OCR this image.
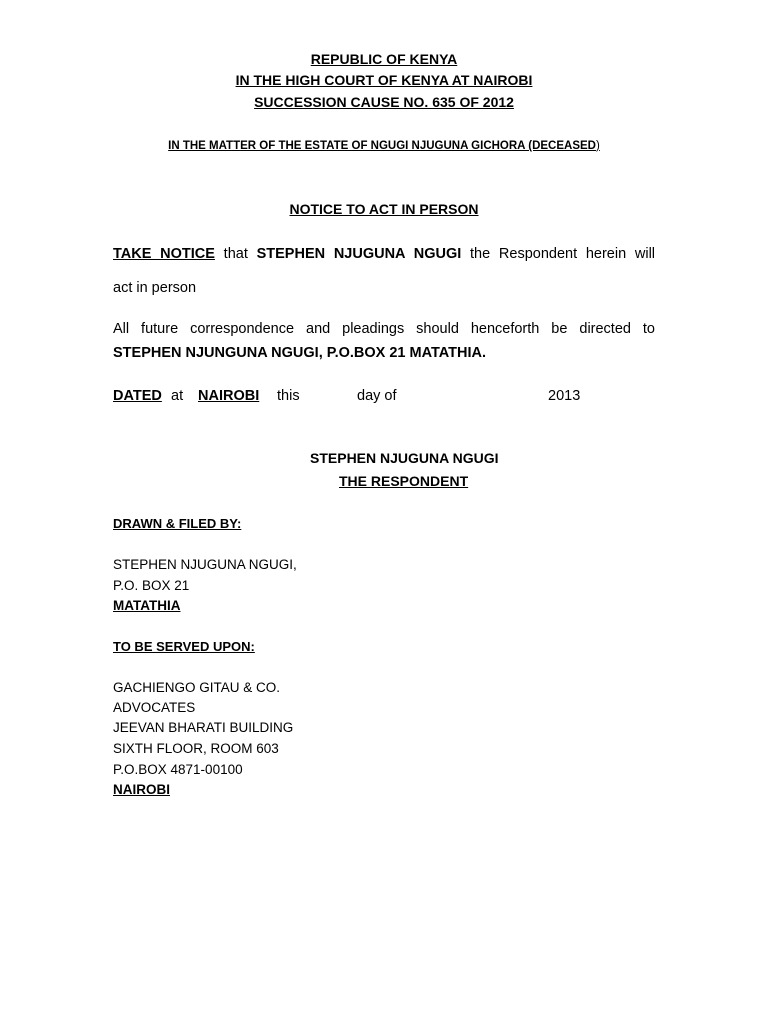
REPUBLIC OF KENYA
IN THE HIGH COURT OF KENYA AT NAIROBI
SUCCESSION CAUSE NO. 635 OF 2012
IN THE MATTER OF THE ESTATE OF NGUGI NJUGUNA GICHORA (DECEASED)
NOTICE TO ACT IN PERSON
TAKE NOTICE that STEPHEN NJUGUNA NGUGI the Respondent herein will
act in person
All future correspondence and pleadings should henceforth be directed to
STEPHEN NJUNGUNA NGUGI, P.O.BOX 21 MATATHIA.
DATED at NAIROBI this	day of	2013
STEPHEN NJUGUNA NGUGI
THE RESPONDENT
DRAWN & FILED BY:
STEPHEN NJUGUNA NGUGI,
P.O. BOX 21
MATATHIA
TO BE SERVED UPON:
GACHIENGO GITAU & CO.
ADVOCATES
JEEVAN BHARATI BUILDING
SIXTH FLOOR, ROOM 603
P.O.BOX 4871-00100
NAIROBI
